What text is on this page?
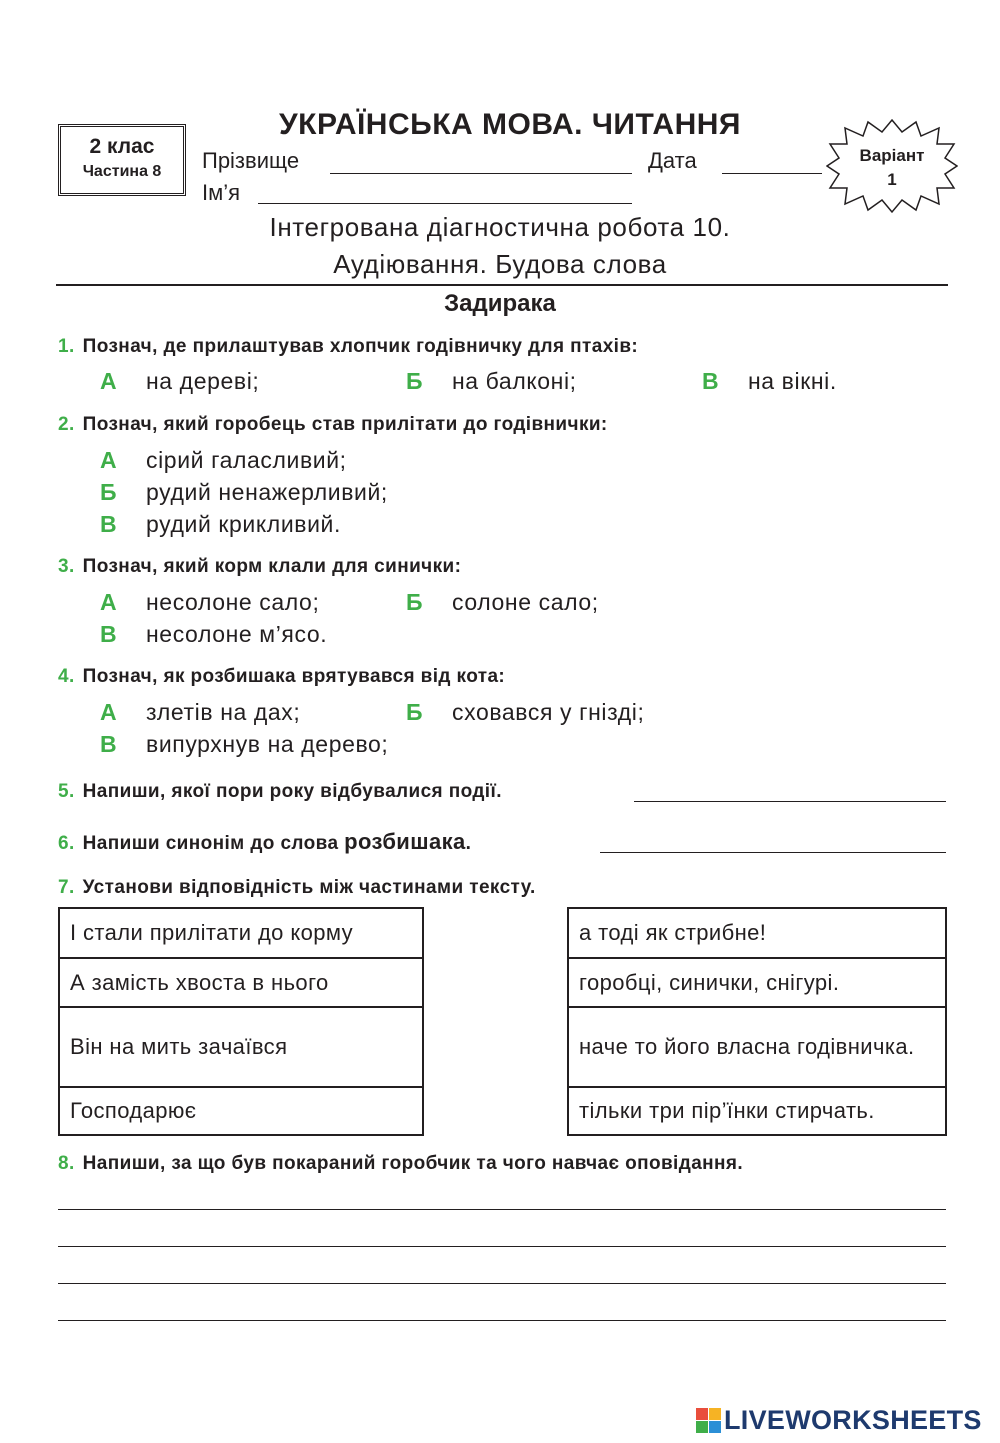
2 клас
Частина 8
УКРАЇНСЬКА МОВА. ЧИТАННЯ
Прізвище	Дата
Ім’я
Варіант
1
Інтегрована діагностична робота 10.
Аудіювання. Будова слова
Задирака
1. Познач, де прилаштував хлопчик годівничку для птахів:
А на дереві;	Б на балконі;	В на вікні.
2. Познач, який горобець став прилітати до годівнички:
А сірий галасливий;
Б рудий ненажерливий;
В рудий крикливий.
3. Познач, який корм клали для синички:
А несолоне сало;	Б солоне сало;
В несолоне м’ясо.
4. Познач, як розбишака врятувався від кота:
А злетів на дах;	Б сховався у гнізді;
В випурхнув на дерево;
5. Напиши, якої пори року відбувалися події.
6. Напиши синонім до слова розбишака.
7. Установи відповідність між частинами тексту.
І стали прилітати до корму
А замість хвоста в нього
Він на мить зачаївся
Господарює
а тоді як стрибне!
горобці, синички, снігурі.
наче то його власна годівничка.
тільки три пір’їнки стирчать.
8. Напиши, за що був покараний горобчик та чого навчає оповідання.
LIVEWORKSHEETS
